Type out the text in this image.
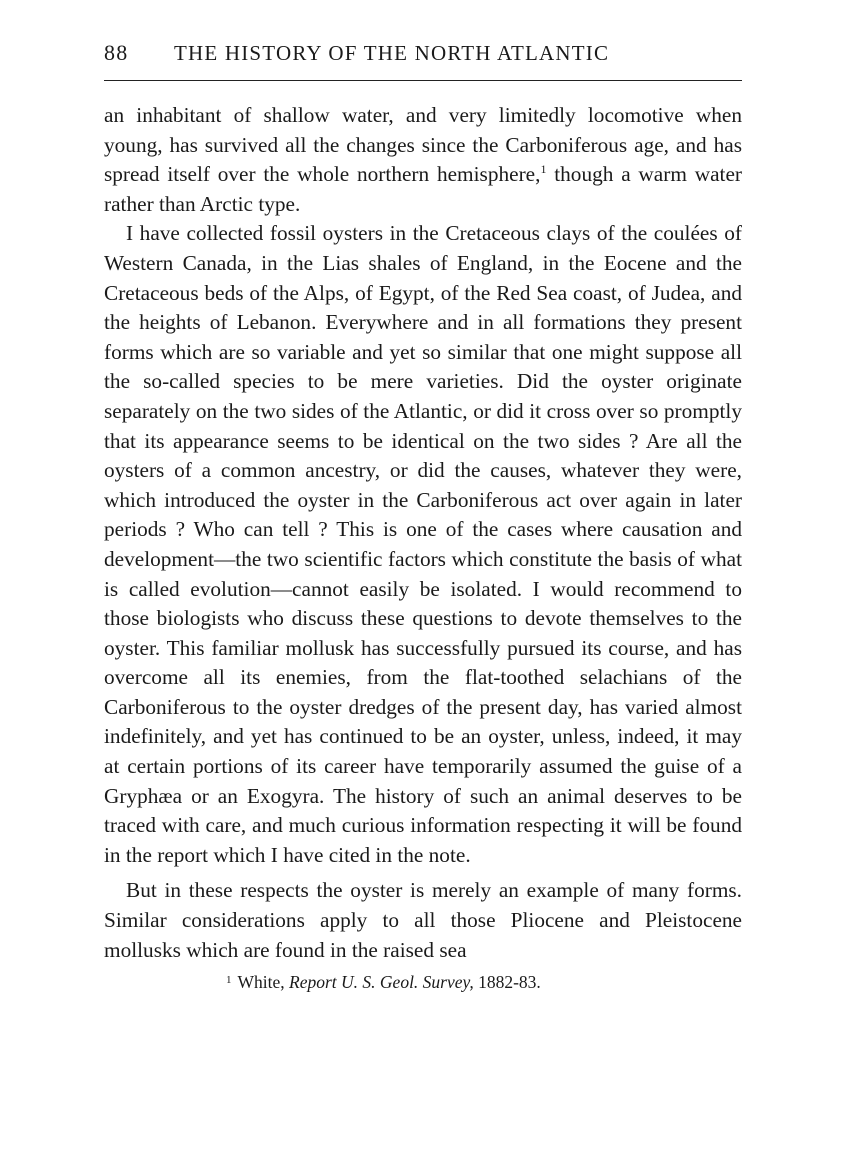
88	THE HISTORY OF THE NORTH ATLANTIC

an inhabitant of shallow water, and very limitedly locomotive when young, has survived all the changes since the Carboniferous age, and has spread itself over the whole northern hemisphere,$^1$ though a warm water rather than Arctic type.

I have collected fossil oysters in the Cretaceous clays of the coulées of Western Canada, in the Lias shales of England, in the Eocene and the Cretaceous beds of the Alps, of Egypt, of the Red Sea coast, of Judea, and the heights of Lebanon. Everywhere and in all formations they present forms which are so variable and yet so similar that one might suppose all the so-called species to be mere varieties. Did the oyster originate separately on the two sides of the Atlantic, or did it cross over so promptly that its appearance seems to be identical on the two sides ? Are all the oysters of a common ancestry, or did the causes, whatever they were, which introduced the oyster in the Carboniferous act over again in later periods ? Who can tell ? This is one of the cases where causation and development—the two scientific factors which constitute the basis of what is called evolution—cannot easily be isolated. I would recommend to those biologists who discuss these questions to devote themselves to the oyster. This familiar mollusk has successfully pursued its course, and has overcome all its enemies, from the flat-toothed selachians of the Carboniferous to the oyster dredges of the present day, has varied almost indefinitely, and yet has continued to be an oyster, unless, indeed, it may at certain portions of its career have temporarily assumed the guise of a Gryphæa or an Exogyra. The history of such an animal deserves to be traced with care, and much curious information respecting it will be found in the report which I have cited in the note.

But in these respects the oyster is merely an example of many forms. Similar considerations apply to all those Pliocene and Pleistocene mollusks which are found in the raised sea

$^1$ White, Report U. S. Geol. Survey, 1882-83.
